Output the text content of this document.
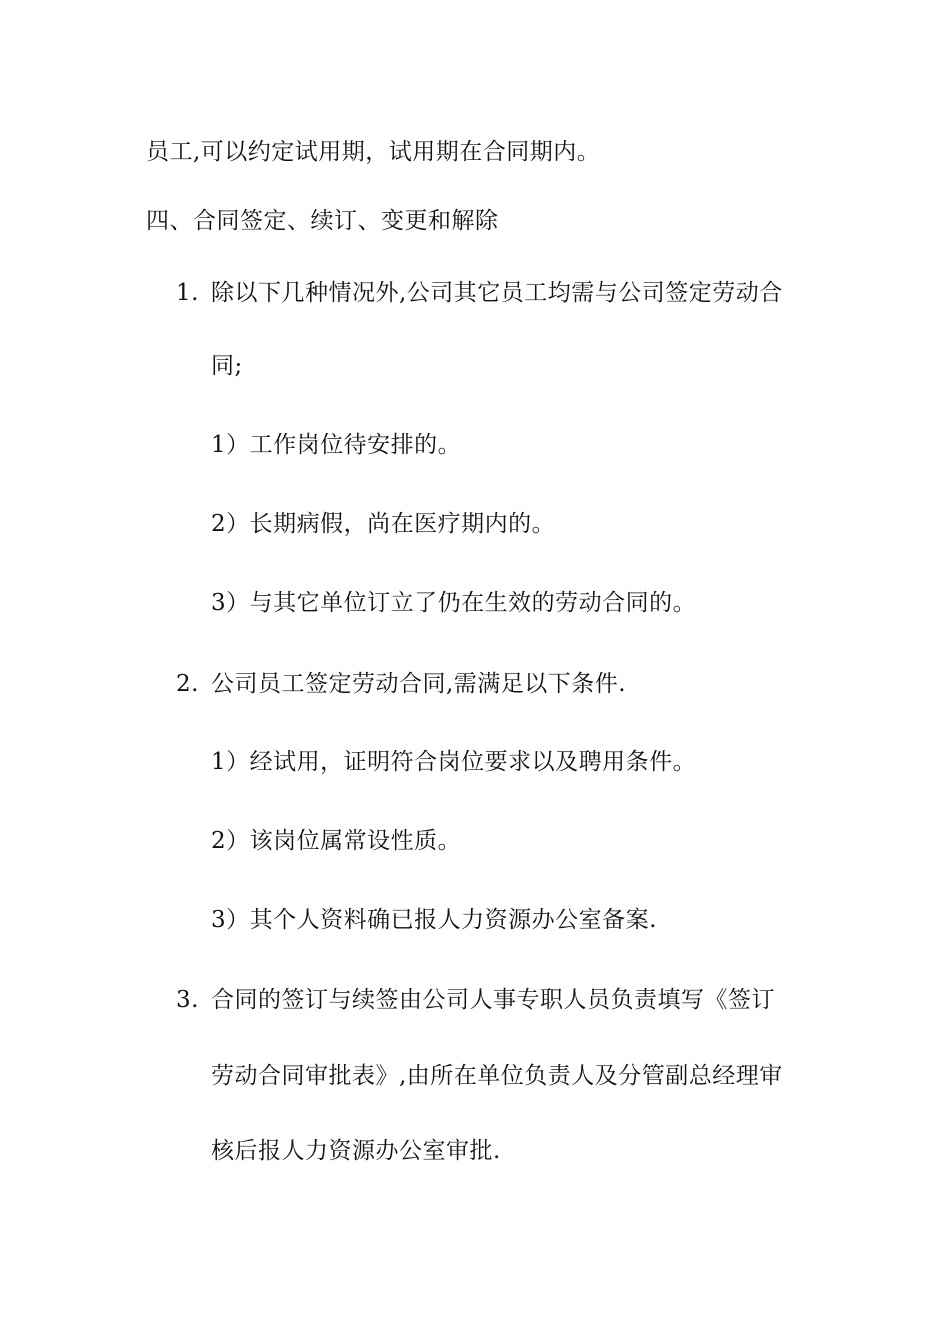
员工,可以约定试用期，试用期在合同期内。
四、合同签定、续订、变更和解除
1. 除以下几种情况外,公司其它员工均需与公司签定劳动合
同;
1）工作岗位待安排的。
2）长期病假，尚在医疗期内的。
3）与其它单位订立了仍在生效的劳动合同的。
2. 公司员工签定劳动合同,需满足以下条件.
1）经试用，证明符合岗位要求以及聘用条件。
2）该岗位属常设性质。
3）其个人资料确已报人力资源办公室备案.
3. 合同的签订与续签由公司人事专职人员负责填写《签订
劳动合同审批表》,由所在单位负责人及分管副总经理审
核后报人力资源办公室审批.
